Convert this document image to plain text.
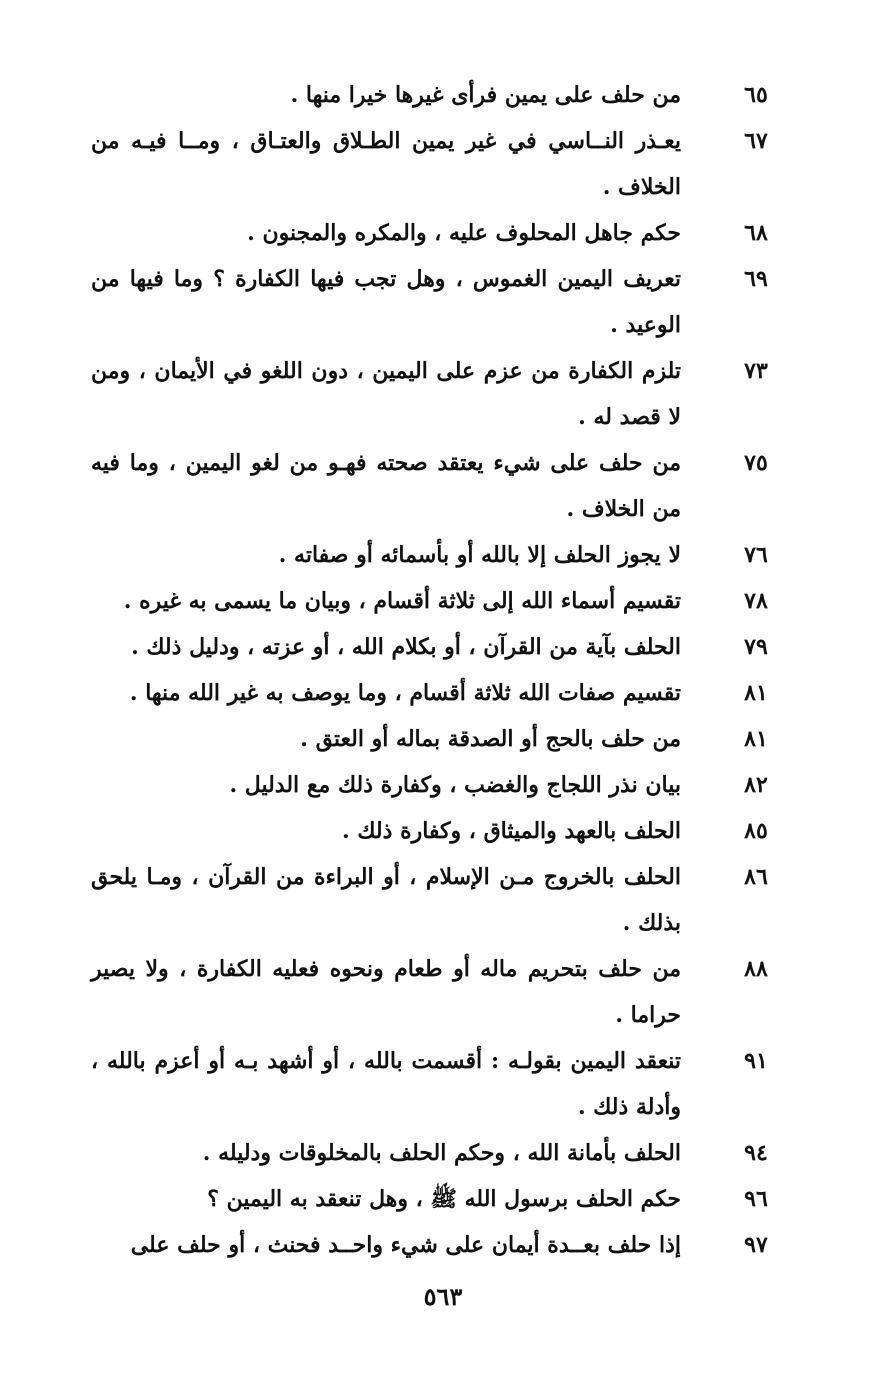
٦٥
من حلف على يمين فرأى غيرها خيرا منها .
٦٧
يعـذر النــاسي في غير يمين الطـلاق والعتـاق ، ومــا فيـه من الخلاف .
٦٨
حكم جاهل المحلوف عليه ، والمكره والمجنون .
٦٩
تعريف اليمين الغموس ، وهل تجب فيها الكفارة ؟ وما فيها من الوعيد .
٧٣
تلزم الكفارة من عزم على اليمين ، دون اللغو في الأيمان ، ومن لا قصد له .
٧٥
من حلف على شيء يعتقد صحته فهـو من لغو اليمين ، وما فيه من الخلاف .
٧٦
لا يجوز الحلف إلا بالله أو بأسمائه أو صفاته .
٧٨
تقسيم أسماء الله إلى ثلاثة أقسام ، وبيان ما يسمى به غيره .
٧٩
الحلف بآية من القرآن ، أو بكلام الله ، أو عزته ، ودليل ذلك .
٨١
تقسيم صفات الله ثلاثة أقسام ، وما يوصف به غير الله منها .
٨١
من حلف بالحج أو الصدقة بماله أو العتق .
٨٢
بيان نذر اللجاج والغضب ، وكفارة ذلك مع الدليل .
٨٥
الحلف بالعهد والميثاق ، وكفارة ذلك .
٨٦
الحلف بالخروج مـن الإسلام ، أو البراءة من القرآن ، ومـا يلحق بذلك .
٨٨
من حلف بتحريم ماله أو طعام ونحوه فعليه الكفارة ، ولا يصير حراما .
٩١
تنعقد اليمين بقولـه : أقسمت بالله ، أو أشهد بـه أو أعزم بالله ، وأدلة ذلك .
٩٤
الحلف بأمانة الله ، وحكم الحلف بالمخلوقات ودليله .
٩٦
حكم الحلف برسول الله ﷺ ، وهل تنعقد به اليمين ؟
٩٧
إذا حلف بعــدة أيمان على شيء واحــد فحنث ، أو حلف على
٥٦٣
